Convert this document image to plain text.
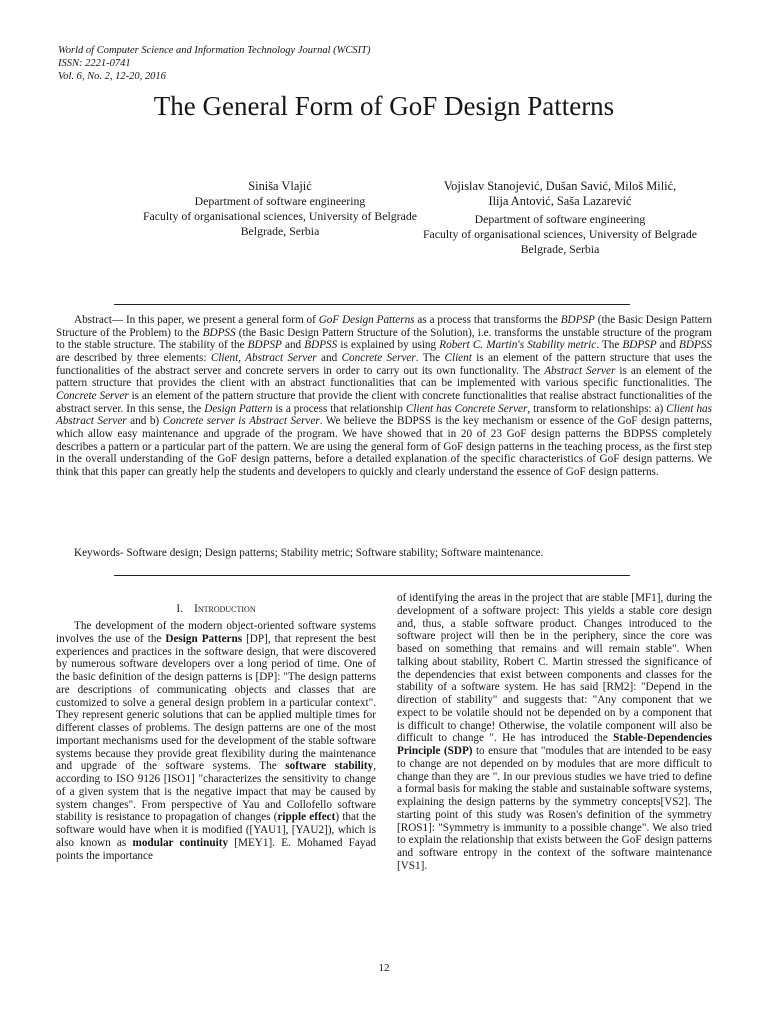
World of Computer Science and Information Technology Journal (WCSIT)
ISSN: 2221-0741
Vol. 6, No. 2, 12-20, 2016
The General Form of GoF Design Patterns
Siniša Vlajić
Department of software engineering
Faculty of organisational sciences, University of Belgrade
Belgrade, Serbia
Vojislav Stanojević, Dušan Savić, Miloš Milić,
Ilija Antović, Saša Lazarević
Department of software engineering
Faculty of organisational sciences, University of Belgrade
Belgrade, Serbia
Abstract— In this paper, we present a general form of GoF Design Patterns as a process that transforms the BDPSP (the Basic Design Pattern Structure of the Problem) to the BDPSS (the Basic Design Pattern Structure of the Solution), i.e. transforms the unstable structure of the program to the stable structure. The stability of the BDPSP and BDPSS is explained by using Robert C. Martin's Stability metric. The BDPSP and BDPSS are described by three elements: Client, Abstract Server and Concrete Server. The Client is an element of the pattern structure that uses the functionalities of the abstract server and concrete servers in order to carry out its own functionality. The Abstract Server is an element of the pattern structure that provides the client with an abstract functionalities that can be implemented with various specific functionalities. The Concrete Server is an element of the pattern structure that provide the client with concrete functionalities that realise abstract functionalities of the abstract server. In this sense, the Design Pattern is a process that relationship Client has Concrete Server, transform to relationships: a) Client has Abstract Server and b) Concrete server is Abstract Server. We believe the BDPSS is the key mechanism or essence of the GoF design patterns, which allow easy maintenance and upgrade of the program. We have showed that in 20 of 23 GoF design patterns the BDPSS completely describes a pattern or a particular part of the pattern. We are using the general form of GoF design patterns in the teaching process, as the first step in the overall understanding of the GoF design patterns, before a detailed explanation of the specific characteristics of GoF design patterns. We think that this paper can greatly help the students and developers to quickly and clearly understand the essence of GoF design patterns.
Keywords- Software design; Design patterns; Stability metric; Software stability; Software maintenance.
I. Introduction
The development of the modern object-oriented software systems involves the use of the Design Patterns [DP], that represent the best experiences and practices in the software design, that were discovered by numerous software developers over a long period of time. One of the basic definition of the design patterns is [DP]: "The design patterns are descriptions of communicating objects and classes that are customized to solve a general design problem in a particular context". They represent generic solutions that can be applied multiple times for different classes of problems. The design patterns are one of the most important mechanisms used for the development of the stable software systems because they provide great flexibility during the maintenance and upgrade of the software systems. The software stability, according to ISO 9126 [ISO1] "characterizes the sensitivity to change of a given system that is the negative impact that may be caused by system changes". From perspective of Yau and Collofello software stability is resistance to propagation of changes (ripple effect) that the software would have when it is modified ([YAU1], [YAU2]), which is also known as modular continuity [MEY1]. E. Mohamed Fayad points the importance
of identifying the areas in the project that are stable [MF1], during the development of a software project: This yields a stable core design and, thus, a stable software product. Changes introduced to the software project will then be in the periphery, since the core was based on something that remains and will remain stable". When talking about stability, Robert C. Martin stressed the significance of the dependencies that exist between components and classes for the stability of a software system. He has said [RM2]: "Depend in the direction of stability" and suggests that: "Any component that we expect to be volatile should not be depended on by a component that is difficult to change! Otherwise, the volatile component will also be difficult to change ". He has introduced the Stable-Dependencies Principle (SDP) to ensure that "modules that are intended to be easy to change are not depended on by modules that are more difficult to change than they are ". In our previous studies we have tried to define a formal basis for making the stable and sustainable software systems, explaining the design patterns by the symmetry concepts[VS2]. The starting point of this study was Rosen's definition of the symmetry [ROS1]: "Symmetry is immunity to a possible change". We also tried to explain the relationship that exists between the GoF design patterns and software entropy in the context of the software maintenance [VS1].
12
